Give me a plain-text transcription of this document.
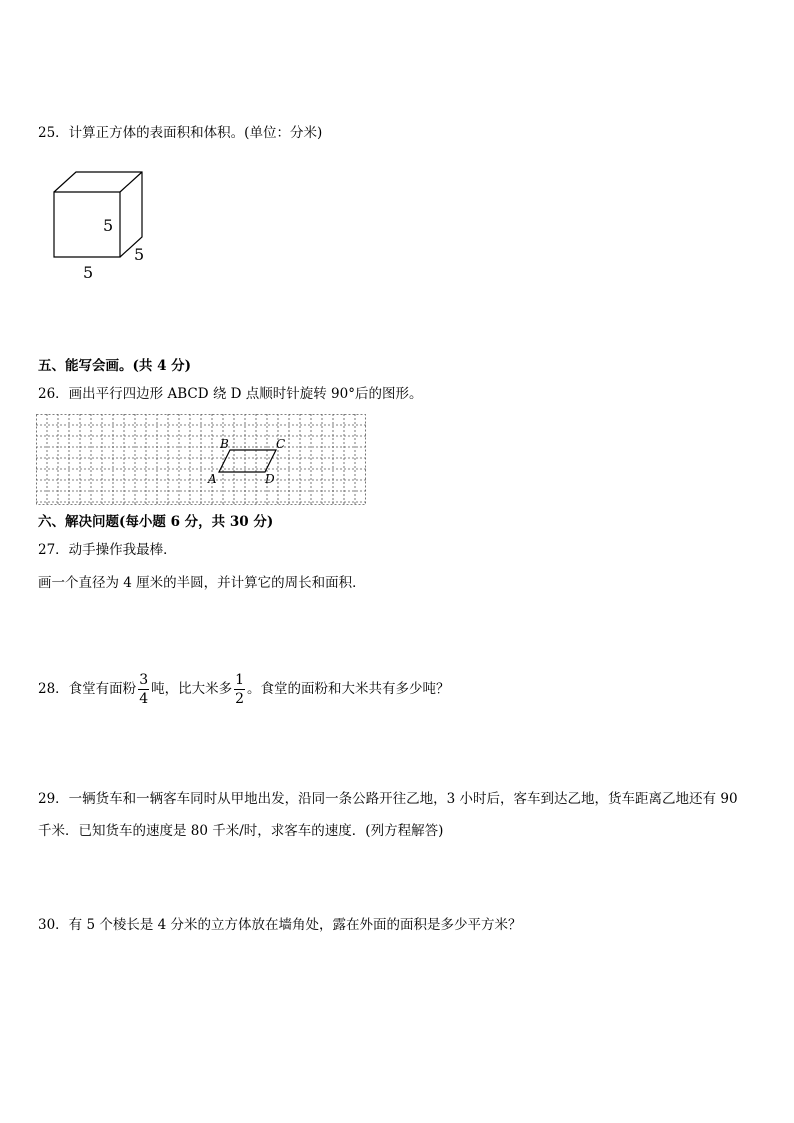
25．计算正方体的表面积和体积。(单位：分米)
5
5
5
五、能写会画。(共 4 分)
26．画出平行四边形 ABCD 绕 D 点顺时针旋转 90°后的图形。
B	C
A	D
六、解决问题(每小题 6 分，共 30 分)
27．动手操作我最棒．
画一个直径为 4 厘米的半圆，并计算它的周长和面积．
28．食堂有面粉 $\frac{3}{4}$ 吨，比大米多 $\frac{1}{2}$ 。食堂的面粉和大米共有多少吨？
29．一辆货车和一辆客车同时从甲地出发，沿同一条公路开往乙地，3 小时后，客车到达乙地，货车距离乙地还有 90
千米．已知货车的速度是 80 千米/时，求客车的速度．(列方程解答)
30．有 5 个棱长是 4 分米的立方体放在墙角处，露在外面的面积是多少平方米？
